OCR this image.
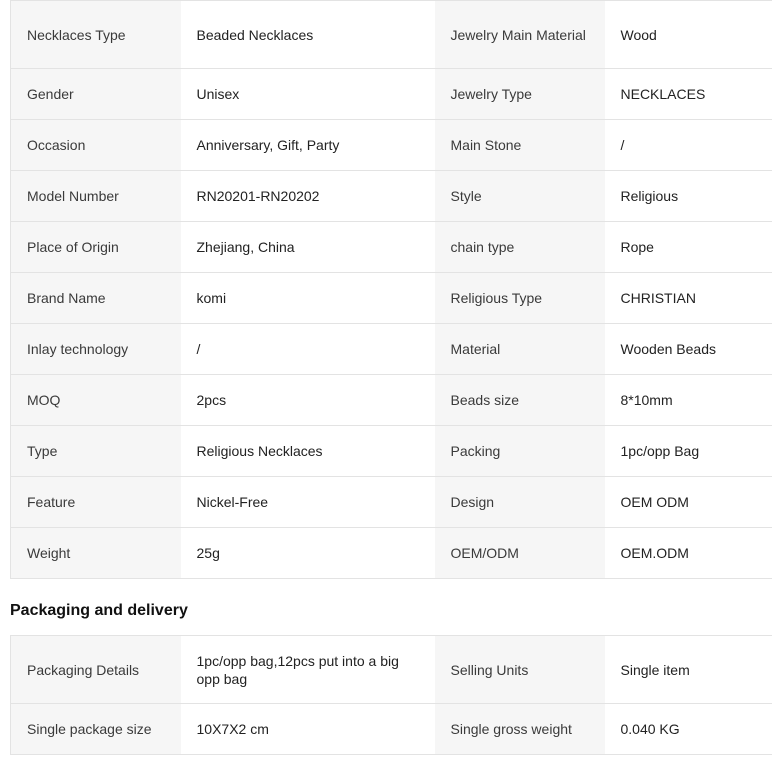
Necklaces Type	Beaded Necklaces	Jewelry Main Material	Wood
Gender	Unisex	Jewelry Type	NECKLACES
Occasion	Anniversary, Gift, Party	Main Stone	/
Model Number	RN20201-RN20202	Style	Religious
Place of Origin	Zhejiang, China	chain type	Rope
Brand Name	komi	Religious Type	CHRISTIAN
Inlay technology	/	Material	Wooden Beads
MOQ	2pcs	Beads size	8*10mm
Type	Religious Necklaces	Packing	1pc/opp Bag
Feature	Nickel-Free	Design	OEM ODM
Weight	25g	OEM/ODM	OEM.ODM
Packaging and delivery
Packaging Details	1pc/opp bag,12pcs put into a big opp bag	Selling Units	Single item
Single package size	10X7X2 cm	Single gross weight	0.040 KG
